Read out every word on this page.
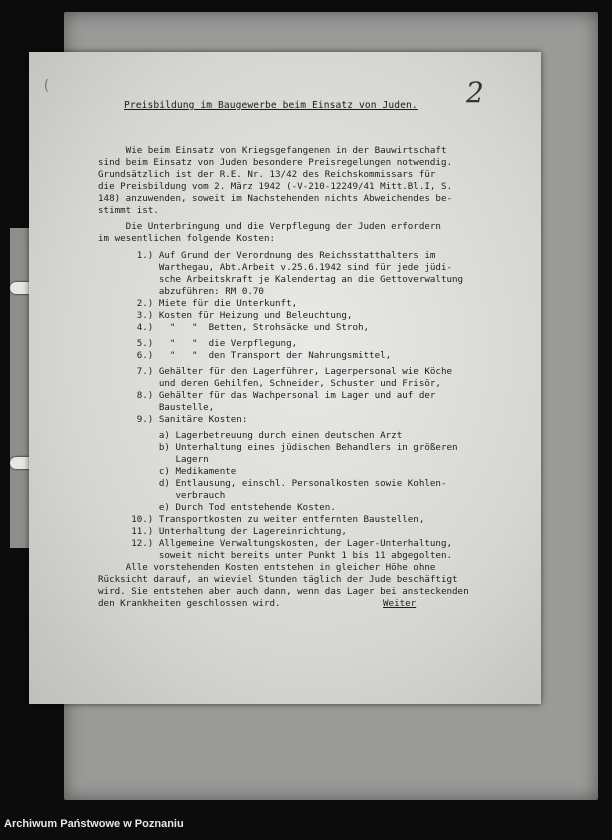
(	2
Preisbildung im Baugewerbe beim Einsatz von Juden.
Wie beim Einsatz von Kriegsgefangenen in der Bauwirtschaft
sind beim Einsatz von Juden besondere Preisregelungen notwendig.
Grundsätzlich ist der R.E. Nr. 13/42 des Reichskommissars für
die Preisbildung vom 2. März 1942 (-V-210-12249/41 Mitt.Bl.I, S.
148) anzuwenden, soweit im Nachstehenden nichts Abweichendes be-
stimmt ist.
Die Unterbringung und die Verpflegung der Juden erfordern
im wesentlichen folgende Kosten:
1.) Auf Grund der Verordnung des Reichsstatthalters im
Warthegau, Abt.Arbeit v.25.6.1942 sind für jede jüdi-
sche Arbeitskraft je Kalendertag an die Gettoverwaltung
abzuführen: RM 0.70
2.) Miete für die Unterkunft,
3.) Kosten für Heizung und Beleuchtung,
4.)   "   "  Betten, Strohsäcke und Stroh,
5.)   "   "  die Verpflegung,
6.)   "   "  den Transport der Nahrungsmittel,
7.) Gehälter für den Lagerführer, Lagerpersonal wie Köche
und deren Gehilfen, Schneider, Schuster und Frisör,
8.) Gehälter für das Wachpersonal im Lager und auf der
Baustelle,
9.) Sanitäre Kosten:
a) Lagerbetreuung durch einen deutschen Arzt
b) Unterhaltung eines jüdischen Behandlers in größeren
Lagern
c) Medikamente
d) Entlausung, einschl. Personalkosten sowie Kohlen-
verbrauch
e) Durch Tod entstehende Kosten.
10.) Transportkosten zu weiter entfernten Baustellen,
11.) Unterhaltung der Lagereinrichtung,
12.) Allgemeine Verwaltungskosten, der Lager-Unterhaltung,
soweit nicht bereits unter Punkt 1 bis 11 abgegolten.
Alle vorstehenden Kosten entstehen in gleicher Höhe ohne
Rücksicht darauf, an wieviel Stunden täglich der Jude beschäftigt
wird. Sie entstehen aber auch dann, wenn das Lager bei ansteckenden
den Krankheiten geschlossen wird.	Weiter
Archiwum Państwowe w Poznaniu
